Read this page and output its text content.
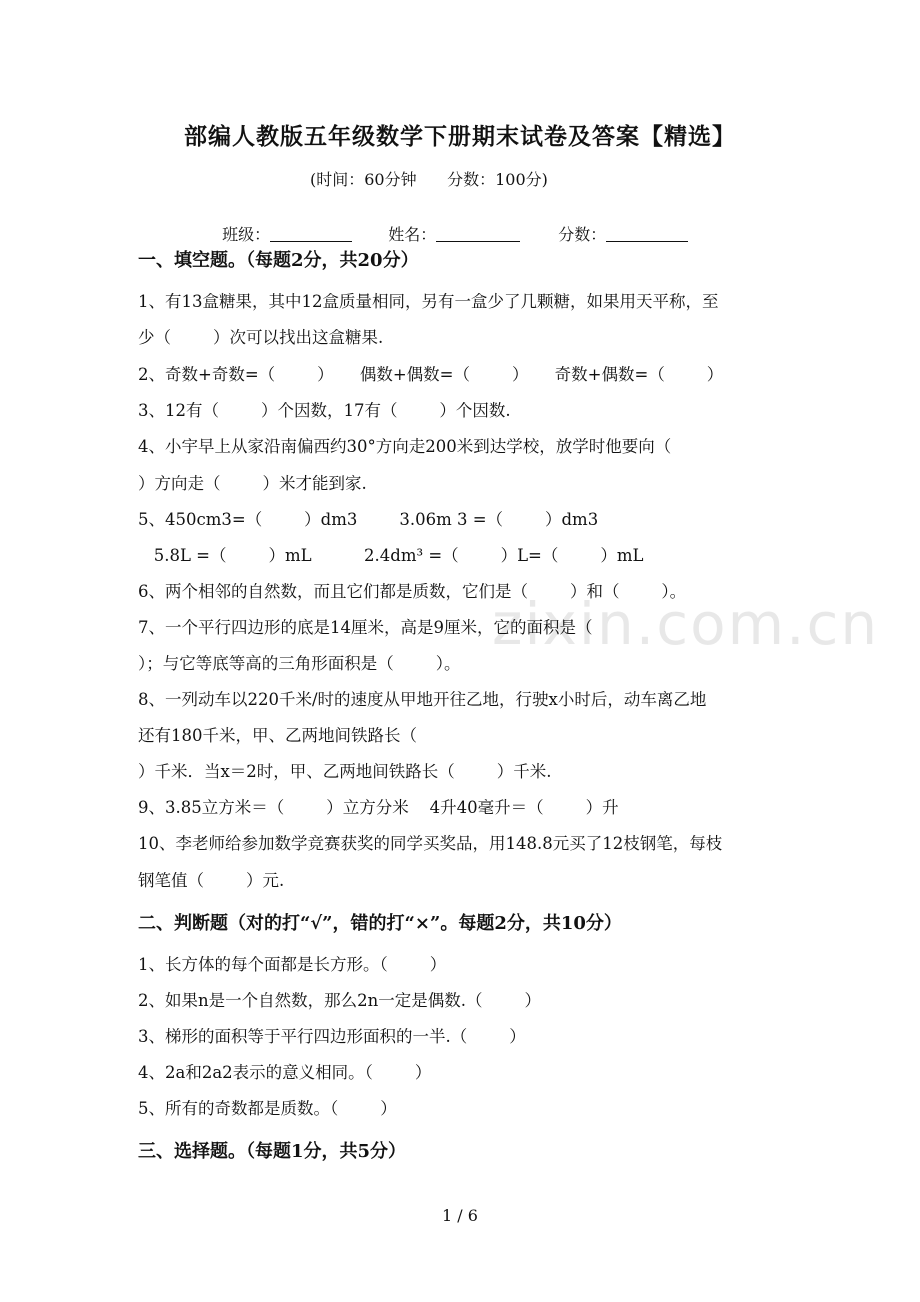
zixin.com.cn
部编人教版五年级数学下册期末试卷及答案【精选】
(时间：60分钟      分数：100分)

班级：	姓名：	分数：

一、填空题。（每题2分，共20分）
1、有13盒糖果，其中12盒质量相同，另有一盒少了几颗糖，如果用天平称，至
少（        ）次可以找出这盒糖果.
2、奇数+奇数=（        ）     偶数+偶数=（        ）     奇数+偶数=（        ）
3、12有（        ）个因数，17有（        ）个因数.
4、小宇早上从家沿南偏西约30°方向走200米到达学校，放学时他要向（
）方向走（        ）米才能到家.
5、450cm3=（        ）dm3        3.06m 3 =（        ）dm3
5.8L =（        ）mL          2.4dm³ =（        ）L=（        ）mL
6、两个相邻的自然数，而且它们都是质数，它们是（        ）和（        ）。
7、一个平行四边形的底是14厘米，高是9厘米，它的面积是（
）；与它等底等高的三角形面积是（        ）。
8、一列动车以220千米/时的速度从甲地开往乙地，行驶x小时后，动车离乙地
还有180千米，甲、乙两地间铁路长（
）千米．当x＝2时，甲、乙两地间铁路长（        ）千米.
9、3.85立方米＝（        ）立方分米    4升40毫升＝（        ）升
10、李老师给参加数学竞赛获奖的同学买奖品，用148.8元买了12枝钢笔，每枝
钢笔值（        ）元.
二、判断题（对的打“√”，错的打“×”。每题2分，共10分）
1、长方体的每个面都是长方形。（        ）
2、如果n是一个自然数，那么2n一定是偶数.（        ）
3、梯形的面积等于平行四边形面积的一半.（        ）
4、2a和2a2表示的意义相同。（        ）
5、所有的奇数都是质数。（        ）
三、选择题。（每题1分，共5分）
1 / 6
